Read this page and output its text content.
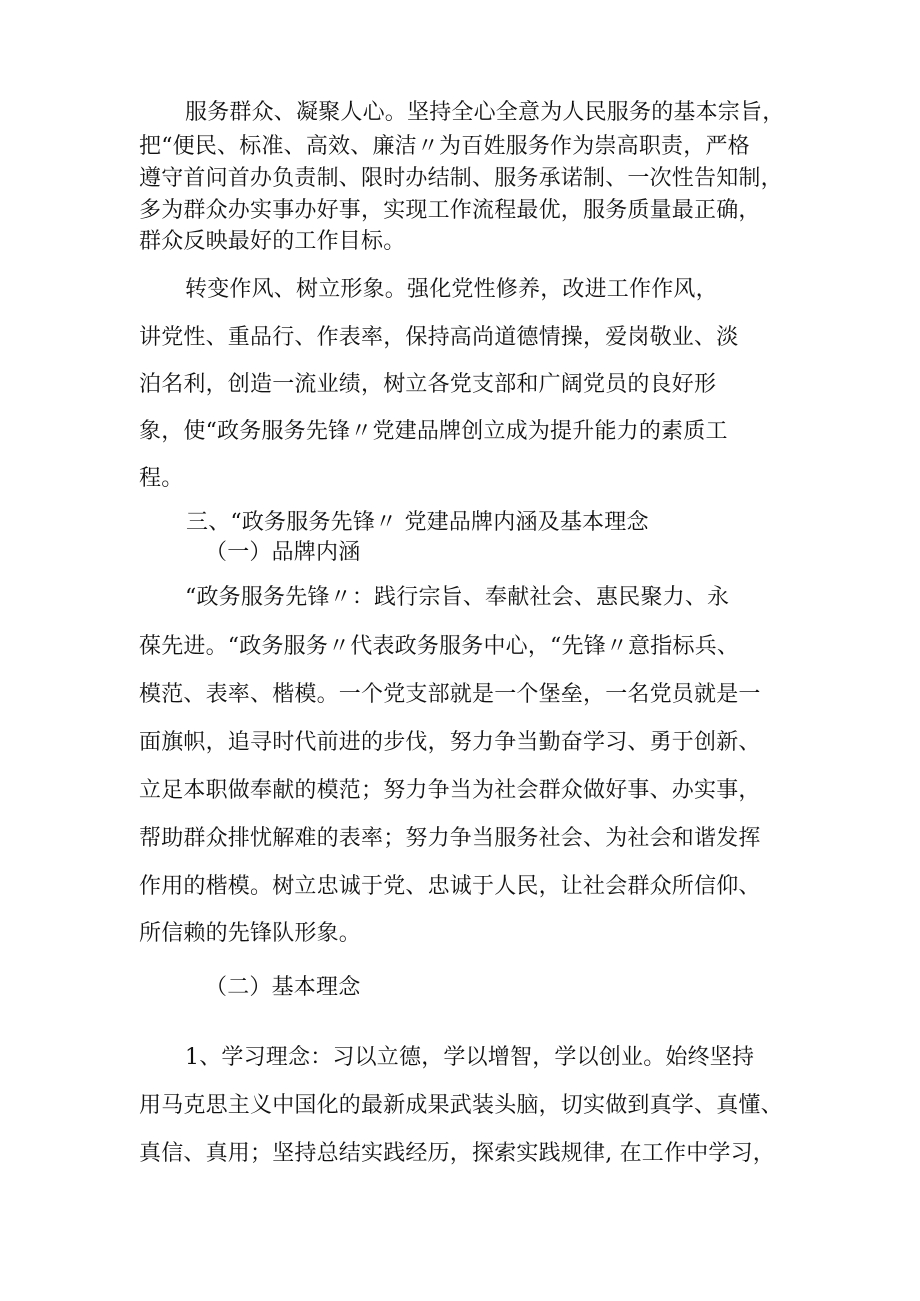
服务群众、凝聚人心。坚持全心全意为人民服务的基本宗旨，
把“便民、标准、高效、廉洁〃为百姓服务作为崇高职责，严格
遵守首问首办负责制、限时办结制、服务承诺制、一次性告知制，
多为群众办实事办好事，实现工作流程最优，服务质量最正确，
群众反映最好的工作目标。
转变作风、树立形象。强化党性修养，改进工作作风，
讲党性、重品行、作表率，保持高尚道德情操，爱岗敬业、淡
泊名利，创造一流业绩，树立各党支部和广阔党员的良好形
象，使“政务服务先锋〃党建品牌创立成为提升能力的素质工
程。
三、“政务服务先锋〃 党建品牌内涵及基本理念
（一）品牌内涵
“政务服务先锋〃：践行宗旨、奉献社会、惠民聚力、永
葆先进。“政务服务〃代表政务服务中心，“先锋〃意指标兵、
模范、表率、楷模。一个党支部就是一个堡垒，一名党员就是一
面旗帜，追寻时代前进的步伐，努力争当勤奋学习、勇于创新、
立足本职做奉献的模范；努力争当为社会群众做好事、办实事，
帮助群众排忧解难的表率；努力争当服务社会、为社会和谐发挥
作用的楷模。树立忠诚于党、忠诚于人民，让社会群众所信仰、
所信赖的先锋队形象。
（二）基本理念
1、学习理念：习以立德，学以增智，学以创业。始终坚持
用马克思主义中国化的最新成果武装头脑，切实做到真学、真懂、
真信、真用；坚持总结实践经历，探索实践规律, 在工作中学习，
